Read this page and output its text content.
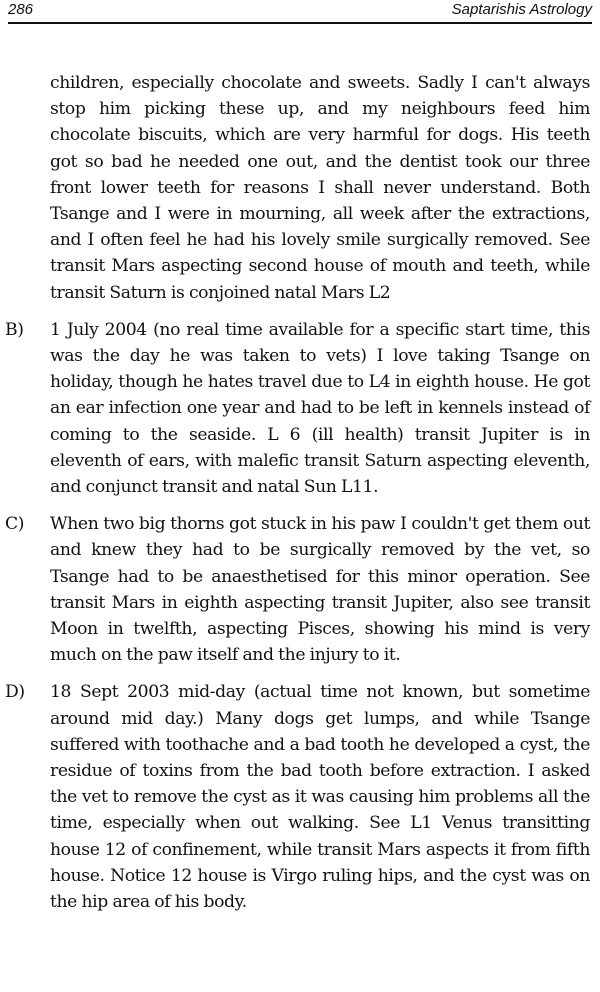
286	Saptarishis Astrology

children, especially chocolate and sweets. Sadly I can't always stop him picking these up, and my neighbours feed him chocolate biscuits, which are very harmful for dogs. His teeth got so bad he needed one out, and the dentist took our three front lower teeth for reasons I shall never understand. Both Tsange and I were in mourning, all week after the extractions, and I often feel he had his lovely smile surgically removed. See transit Mars aspecting second house of mouth and teeth, while transit Saturn is conjoined natal Mars L2

B) 1 July 2004 (no real time available for a specific start time, this was the day he was taken to vets) I love taking Tsange on holiday, though he hates travel due to L4 in eighth house. He got an ear infection one year and had to be left in kennels instead of coming to the seaside. L 6 (ill health) transit Jupiter is in eleventh of ears, with malefic transit Saturn aspecting eleventh, and conjunct transit and natal Sun L11.

C) When two big thorns got stuck in his paw I couldn't get them out and knew they had to be surgically removed by the vet, so Tsange had to be anaesthetised for this minor operation. See transit Mars in eighth aspecting transit Jupiter, also see transit Moon in twelfth, aspecting Pisces, showing his mind is very much on the paw itself and the injury to it.

D) 18 Sept 2003 mid-day (actual time not known, but sometime around mid day.) Many dogs get lumps, and while Tsange suffered with toothache and a bad tooth he developed a cyst, the residue of toxins from the bad tooth before extraction. I asked the vet to remove the cyst as it was causing him problems all the time, especially when out walking. See L1 Venus transitting house 12 of confinement, while transit Mars aspects it from fifth house. Notice 12 house is Virgo ruling hips, and the cyst was on the hip area of his body.
